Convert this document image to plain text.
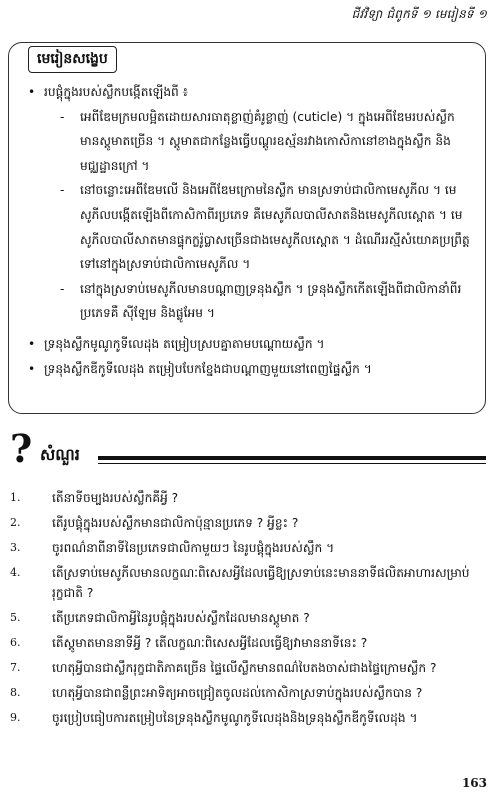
ជីវវិទ្យា ជំពូកទី ១ មេរៀនទី ១
មេរៀនសង្ខេប
• របផ្ដុំក្នុងរបស់ស្លឹកបង្កើតឡើងពី ៖
- អេពីឌែមក្រមលម្អិតដោយសារធាតុខ្លាញ់គំរូខ្លាញ់ (cuticle) ។ ក្នុងអេពីឌែមរបស់ស្លឹកមានស្តូមាតច្រើន ។ ស្តូមាតជាកន្លែងធ្វើបណ្តូរឧស្ម័នរវាងកោសិកានៅខាងក្នុងស្លឹក និងមជ្ឈដ្ឋានក្រៅ ។
- នៅចន្លោះអេពីឌែមលើ និងអេពីឌែមក្រោមនៃស្លឹក មានស្រទាប់ជាលិកាមេសូភីល ។ មេសូភីលបង្កើតឡើងពីកោសិកាពីរប្រភេទ គឺមេសូភីលបាលីសាតនិងមេសូភីលស្ពោត ។ មេសូភីលបាលីសាតមានផ្ទុកក្លរ៉ូប្លាសច្រើនជាងមេសូភីលស្ពោត ។ ដំណើររស្មីសំយោគប្រព្រឹត្តទៅនៅក្នុងស្រទាប់ជាលិកាមេសូភីល ។
- នៅក្នុងស្រទាប់មេសូភីលមានបណ្តាញទ្រនុងស្លឹក ។ ទ្រនុងស្លឹកកើតឡើងពីជាលិកានាំពីរប្រភេទគឺ ស៊ីឡែម និងផ្លូអែម ។
• ទ្រនុងស្លឹកមូណូកូទីលេដុង តម្រៀបស្របគ្នាតាមបណ្ដោយស្លឹក ។
• ទ្រនុងស្លឹកឌីកូទីលេដុង តម្រៀបបែកខ្នែងជាបណ្តាញមួយនៅពេញផ្ទៃស្លឹក ។
? សំណួរ
1.	តើនាទីចម្បងរបស់ស្លឹកគឺអ្វី ?
2.	តើរូបផ្តុំក្នុងរបស់ស្លឹកមានជាលិកាប៉ុន្មានប្រភេទ ? អ្វីខ្លះ ?
3.	ចូរពណ៌នាពីនាទីនៃប្រភេទជាលិកាមួយៗ នៃរូបផ្តុំក្នុងរបស់ស្លឹក ។
4.	តើស្រទាប់មេសូភីលមានលក្ខណៈពិសេសអ្វីដែលធ្វើឱ្យស្រទាប់នេះមាននាទីផលិតអាហារសម្រាប់រុក្ខជាតិ ?
5.	តើប្រភេទជាលិកាអ្វីនៃរូបផ្តុំក្នុងរបស់ស្លឹកដែលមានស្តូមាត ?
6.	តើស្តូមាតមាននាទីអ្វី ? តើលក្ខណៈពិសេសអ្វីដែលធ្វើឱ្យវាមាននាទីនេះ ?
7.	ហេតុអ្វីបានជាស្លឹករុក្ខជាតិភាគច្រើន ផ្ទៃលើស្លឹកមានពណ៌បៃតងចាស់ជាងផ្ទៃក្រោមស្លឹក ?
8.	ហេតុអ្វីបានជាពន្លឺព្រះអាទិត្យអាចជ្រៀតចូលដល់កោសិកាស្រទាប់ក្នុងរបស់ស្លឹកបាន ?
9.	ចូរប្រៀបធៀបការតម្រៀបនៃទ្រនុងស្លឹកមូណូកូទីលេដុងនិងទ្រនុងស្លឹកឌីកូទីលេដុង ។
163
